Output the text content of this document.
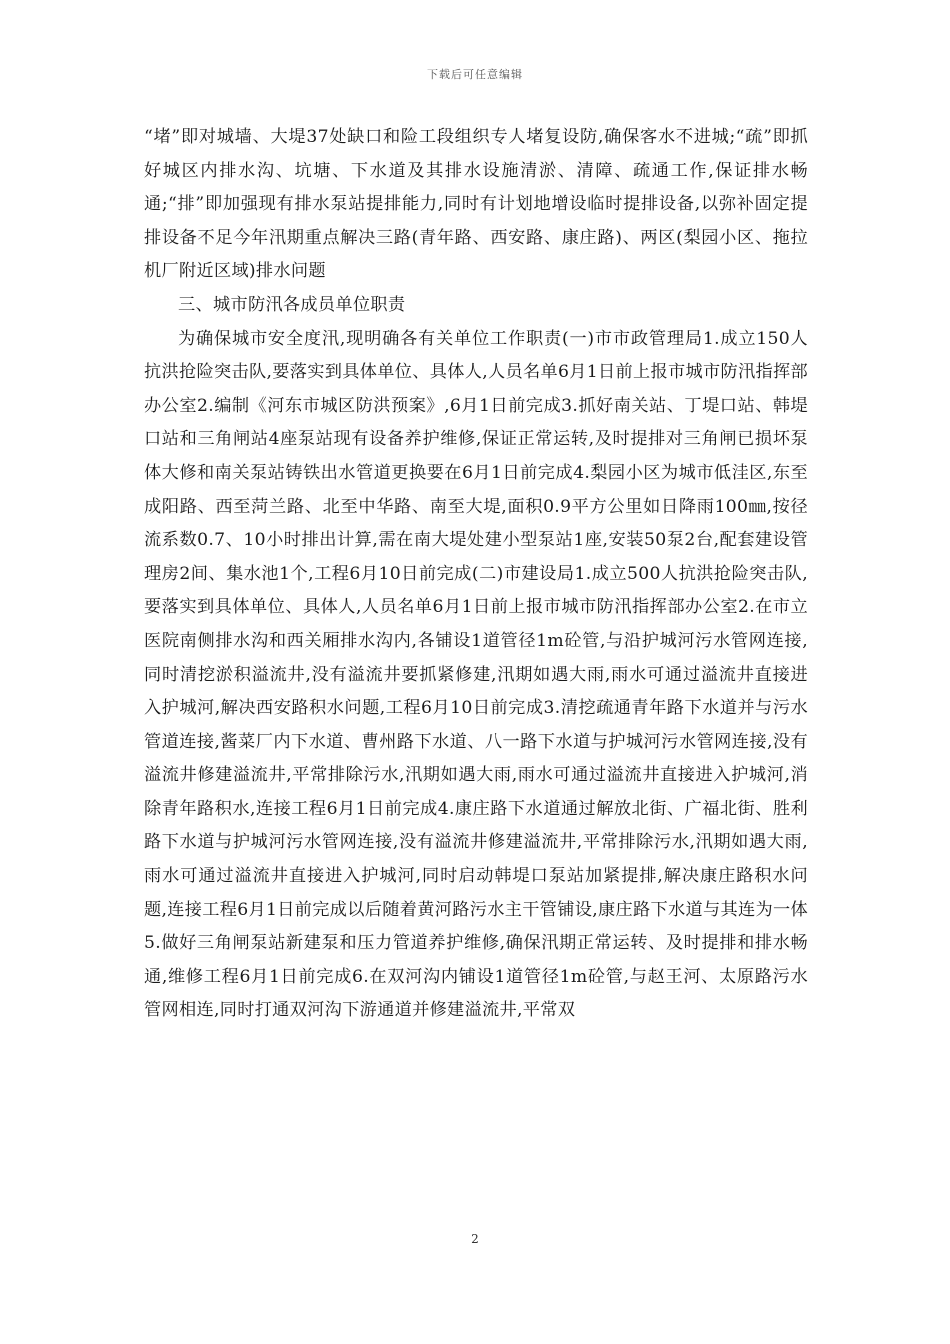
下载后可任意编辑

“堵”即对城墙、大堤37处缺口和险工段组织专人堵复设防,确保客水不进城;“疏”即抓好城区内排水沟、坑塘、下水道及其排水设施清淤、清障、疏通工作,保证排水畅通;“排”即加强现有排水泵站提排能力,同时有计划地增设临时提排设备,以弥补固定提排设备不足今年汛期重点解决三路(青年路、西安路、康庄路)、两区(梨园小区、拖拉机厂附近区域)排水问题

三、城市防汛各成员单位职责

为确保城市安全度汛,现明确各有关单位工作职责(一)市市政管理局1.成立150人抗洪抢险突击队,要落实到具体单位、具体人,人员名单6月1日前上报市城市防汛指挥部办公室2.编制《河东市城区防洪预案》,6月1日前完成3.抓好南关站、丁堤口站、韩堤口站和三角闸站4座泵站现有设备养护维修,保证正常运转,及时提排对三角闸已损坏泵体大修和南关泵站铸铁出水管道更换要在6月1日前完成4.梨园小区为城市低洼区,东至成阳路、西至菏兰路、北至中华路、南至大堤,面积0.9平方公里如日降雨100㎜,按径流系数0.7、10小时排出计算,需在南大堤处建小型泵站1座,安装50泵2台,配套建设管理房2间、集水池1个,工程6月10日前完成(二)市建设局1.成立500人抗洪抢险突击队,要落实到具体单位、具体人,人员名单6月1日前上报市城市防汛指挥部办公室2.在市立医院南侧排水沟和西关厢排水沟内,各铺设1道管径1m砼管,与沿护城河污水管网连接,同时清挖淤积溢流井,没有溢流井要抓紧修建,汛期如遇大雨,雨水可通过溢流井直接进入护城河,解决西安路积水问题,工程6月10日前完成3.清挖疏通青年路下水道并与污水管道连接,酱菜厂内下水道、曹州路下水道、八一路下水道与护城河污水管网连接,没有溢流井修建溢流井,平常排除污水,汛期如遇大雨,雨水可通过溢流井直接进入护城河,消除青年路积水,连接工程6月1日前完成4.康庄路下水道通过解放北街、广福北街、胜利路下水道与护城河污水管网连接,没有溢流井修建溢流井,平常排除污水,汛期如遇大雨,雨水可通过溢流井直接进入护城河,同时启动韩堤口泵站加紧提排,解决康庄路积水问题,连接工程6月1日前完成以后随着黄河路污水主干管铺设,康庄路下水道与其连为一体5.做好三角闸泵站新建泵和压力管道养护维修,确保汛期正常运转、及时提排和排水畅通,维修工程6月1日前完成6.在双河沟内铺设1道管径1m砼管,与赵王河、太原路污水管网相连,同时打通双河沟下游通道并修建溢流井,平常双

2
